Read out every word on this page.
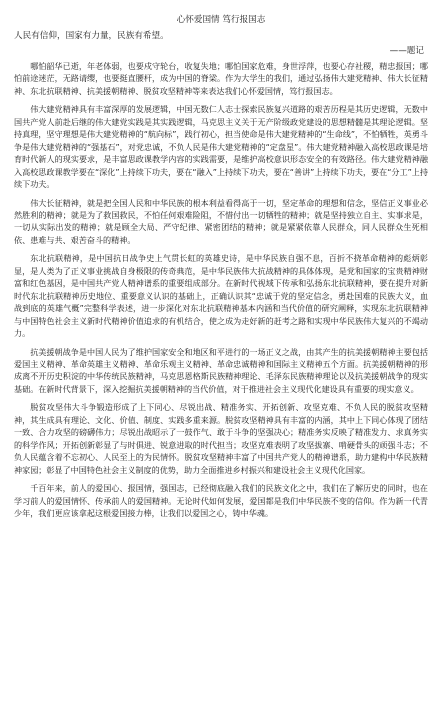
心怀爱国情 笃行报国志

人民有信仰，国家有力量，民族有希望。

——题记

哪怕韶华已逝，年老体弱，也要戍守轮台，收复失地；哪怕国家危难，身世浮萍，也要心存社稷，精忠报国；哪怕前途迷茫，无路请缨，也要挺直腰杆，成为中国的脊梁。作为大学生的我们，通过弘扬伟大建党精神、伟大长征精神、东北抗联精神、抗美援朝精神、脱贫攻坚精神等来表达我们心怀爱国情，笃行报国志。

伟大建党精神具有丰富深厚的发展逻辑，中国无数仁人志士探索民族复兴道路的艰苦历程是其历史逻辑，无数中国共产党人前赴后继的伟大建党实践是其实践逻辑，马克思主义关于无产阶级政党建设的思想精髓是其理论逻辑。坚持真理，坚守理想是伟大建党精神的“航向标”，践行初心，担当使命是伟大建党精神的“生命线”，不怕牺牲，英勇斗争是伟大建党精神的“强基石”，对党忠诚，不负人民是伟大建党精神的“定盘星”。伟大建党精神融入高校思政课是培育时代新人的现实要求，是丰富思政课教学内容的实践需要，是维护高校意识形态安全的有效路径。伟大建党精神融入高校思政课教学要在“深化”上持续下功夫，要在“融入”上持续下功夫，要在“善讲”上持续下功夫，要在“分工”上持续下功夫。

伟大长征精神，就是把全国人民和中华民族的根本利益看得高于一切，坚定革命的理想和信念，坚信正义事业必然胜利的精神；就是为了救国救民，不怕任何艰难险阻，不惜付出一切牺牲的精神；就是坚持独立自主、实事求是，一切从实际出发的精神；就是顾全大局、严守纪律、紧密团结的精神；就是紧紧依靠人民群众，同人民群众生死相依、患难与共、艰苦奋斗的精神。

东北抗联精神，是中国抗日战争史上气贯长虹的英雄史诗，是中华民族自强不息，百折不挠革命精神的彪炳彰显，是人类为了正义事业挑战自身极限的传奇典范，是中华民族伟大抗战精神的具体体现，是党和国家的宝贵精神财富和红色基因，是中国共产党人精神谱系的重要组成部分。在新时代视域下传承和弘扬东北抗联精神，要在提升对新时代东北抗联精神历史地位、重要意义认识的基础上，正确认识其“忠诚于党的坚定信念，勇赴国难的民族大义，血战到底的英雄气概”完整科学表述，进一步深化对东北抗联精神基本内涵和当代价值的研究阐释，实现东北抗联精神与中国特色社会主义新时代精神价值追求的有机结合，使之成为走好新的赶考之路和实现中华民族伟大复兴的不竭动力。

抗美援朝战争是中国人民为了维护国家安全和地区和平进行的一场正义之战，由其产生的抗美援朝精神主要包括爱国主义精神、革命英雄主义精神、革命乐观主义精神、革命忠诚精神和国际主义精神五个方面。抗美援朝精神的形成离不开历史积淀的中华传统民族精神，马克思恩格斯民族精神理论、毛泽东民族精神理论以及抗美援朝战争的现实基础。在新时代背景下，深入挖掘抗美援朝精神的当代价值，对于推进社会主义现代化建设具有重要的现实意义。

脱贫攻坚伟大斗争锻造形成了上下同心、尽锐出战、精准务实、开拓创新、攻坚克难、不负人民的脱贫攻坚精神，其生成具有理论、文化、价值、制度、实践多重来源。脱贫攻坚精神具有丰富的内涵，其中上下同心体现了团结一致、合力攻坚的磅礴伟力；尽锐出战昭示了一鼓作气、敢于斗争的坚强决心；精准务实反映了精准发力、求真务实的科学作风；开拓创新彰显了与时俱进、锐意进取的时代担当；攻坚克难表明了攻坚拔寨、啃硬骨头的顽强斗志；不负人民蕴含着不忘初心、人民至上的为民情怀。脱贫攻坚精神丰富了中国共产党人的精神谱系，助力建构中华民族精神家园；彰显了中国特色社会主义制度的优势，助力全面推进乡村振兴和建设社会主义现代化国家。

千百年来，前人的爱国心、报国情，强国志，已经彻底融入我们的民族文化之中，我们在了解历史的同时，也在学习前人的爱国情怀、传承前人的爱国精神。无论时代如何发展，爱国都是我们中华民族不变的信仰。作为新一代青少年，我们更应该拿起这根爱国接力棒，让我们以爱国之心，铸中华魂。
